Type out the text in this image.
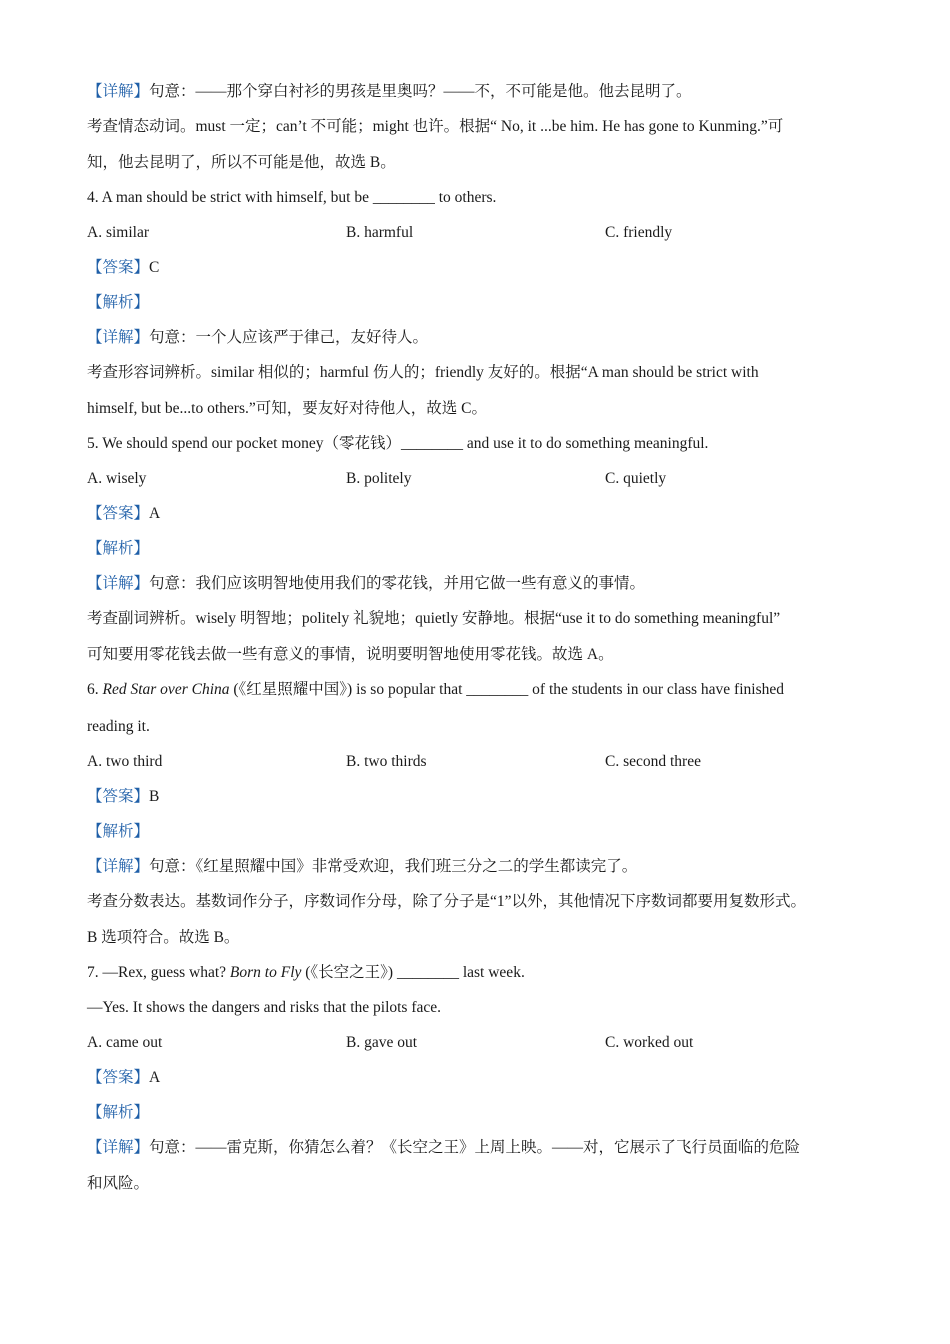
【详解】句意：——那个穿白衬衫的男孩是里奥吗？——不，不可能是他。他去昆明了。
考查情态动词。must 一定；can’t 不可能；might 也许。根据“ No, it ...be him. He has gone to Kunming.”可
知，他去昆明了，所以不可能是他，故选 B。
4. A man should be strict with himself, but be ________ to others.
A. similar	B. harmful	C. friendly
【答案】C
【解析】
【详解】句意：一个人应该严于律己，友好待人。
考查形容词辨析。similar 相似的；harmful 伤人的；friendly 友好的。根据“A man should be strict with
himself, but be...to others.”可知，要友好对待他人，故选 C。
5. We should spend our pocket money（零花钱）________ and use it to do something meaningful.
A. wisely	B. politely	C. quietly
【答案】A
【解析】
【详解】句意：我们应该明智地使用我们的零花钱，并用它做一些有意义的事情。
考查副词辨析。wisely 明智地；politely 礼貌地；quietly 安静地。根据“use it to do something meaningful”
可知要用零花钱去做一些有意义的事情，说明要明智地使用零花钱。故选 A。
6. Red Star over China (《红星照耀中国》) is so popular that ________ of the students in our class have finished
reading it.
A. two third	B. two thirds	C. second three
【答案】B
【解析】
【详解】句意：《红星照耀中国》非常受欢迎，我们班三分之二的学生都读完了。
考查分数表达。基数词作分子，序数词作分母，除了分子是“1”以外，其他情况下序数词都要用复数形式。
B 选项符合。故选 B。
7. —Rex, guess what? Born to Fly (《长空之王》) ________ last week.
—Yes. It shows the dangers and risks that the pilots face.
A. came out	B. gave out	C. worked out
【答案】A
【解析】
【详解】句意：——雷克斯，你猜怎么着？《长空之王》上周上映。——对，它展示了飞行员面临的危险
和风险。
